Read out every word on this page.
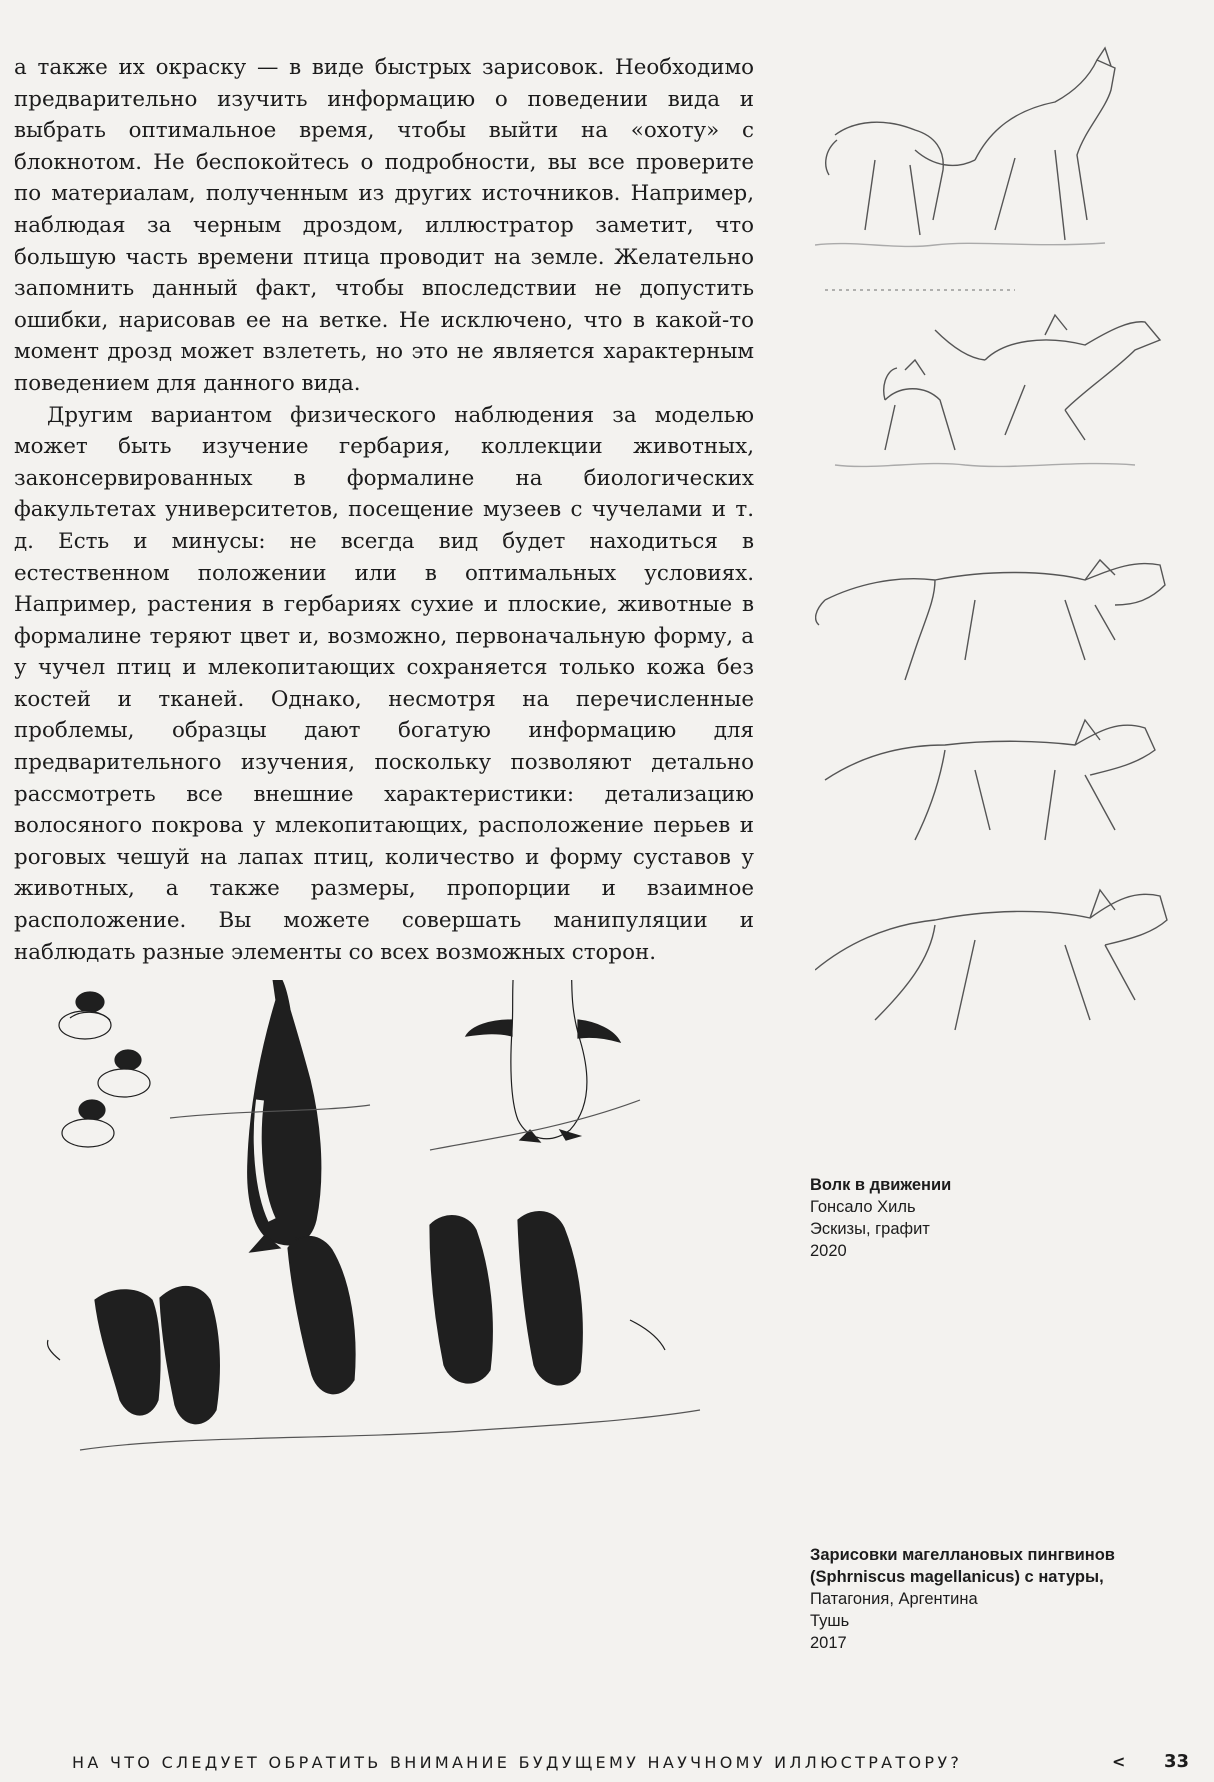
а также их окраску — в виде быстрых зарисовок. Необходимо предварительно изучить информацию о поведении вида и выбрать оптимальное время, чтобы выйти на «охоту» с блокнотом. Не беспокойтесь о подробности, вы все проверите по материалам, полученным из других источников. Например, наблюдая за черным дроздом, иллюстратор заметит, что большую часть времени птица проводит на земле. Желательно запомнить данный факт, чтобы впоследствии не допустить ошибки, нарисовав ее на ветке. Не исключено, что в какой-то момент дрозд может взлететь, но это не является характерным поведением для данного вида.

Другим вариантом физического наблюдения за моделью может быть изучение гербария, коллекции животных, законсервированных в формалине на биологических факультетах университетов, посещение музеев с чучелами и т. д. Есть и минусы: не всегда вид будет находиться в естественном положении или в оптимальных условиях. Например, растения в гербариях сухие и плоские, животные в формалине теряют цвет и, возможно, первоначальную форму, а у чучел птиц и млекопитающих сохраняется только кожа без костей и тканей. Однако, несмотря на перечисленные проблемы, образцы дают богатую информацию для предварительного изучения, поскольку позволяют детально рассмотреть все внешние характеристики: детализацию волосяного покрова у млекопитающих, расположение перьев и роговых чешуй на лапах птиц, количество и форму суставов у животных, а также размеры, пропорции и взаимное расположение. Вы можете совершать манипуляции и наблюдать разные элементы со всех возможных сторон.

Волк в движении
Гонсало Хиль
Эскизы, графит
2020
Зарисовки магеллановых пингвинов
(Sphrniscus magellanicus) с натуры,
Патагония, Аргентина
Тушь
2017
НА ЧТО СЛЕДУЕТ ОБРАТИТЬ ВНИМАНИЕ БУДУЩЕМУ НАУЧНОМУ ИЛЛЮСТРАТОРУ?	< 33
